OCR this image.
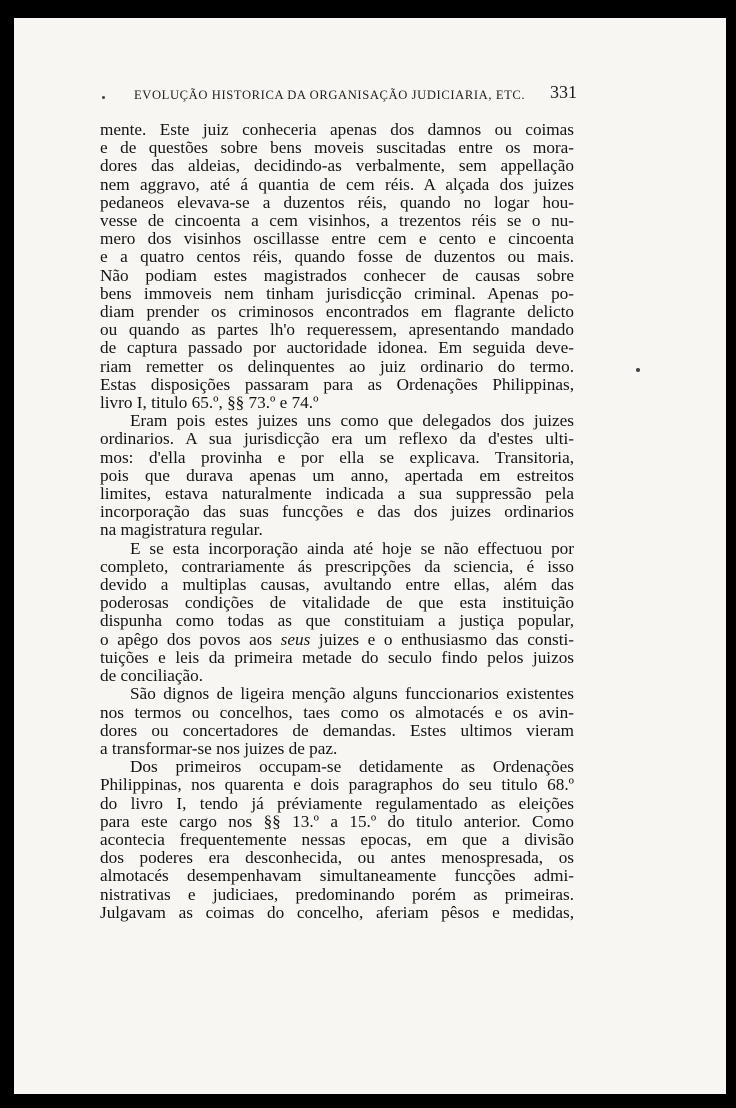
EVOLUÇÃO HISTORICA DA ORGANISAÇÃO JUDICIARIA, ETC.	331

mente. Este juiz conheceria apenas dos damnos ou coimas
e de questões sobre bens moveis suscitadas entre os mora-
dores das aldeias, decidindo-as verbalmente, sem appellação
nem aggravo, até á quantia de cem réis. A alçada dos juizes
pedaneos elevava-se a duzentos réis, quando no logar hou-
vesse de cincoenta a cem visinhos, a trezentos réis se o nu-
mero dos visinhos oscillasse entre cem e cento e cincoenta
e a quatro centos réis, quando fosse de duzentos ou mais.
Não podiam estes magistrados conhecer de causas sobre
bens immoveis nem tinham jurisdicção criminal. Apenas po-
diam prender os criminosos encontrados em flagrante delicto
ou quando as partes lh'o requeressem, apresentando mandado
de captura passado por auctoridade idonea. Em seguida deve-
riam remetter os delinquentes ao juiz ordinario do termo.
Estas disposições passaram para as Ordenações Philippinas,
livro I, titulo 65.º, §§ 73.º e 74.º

Eram pois estes juizes uns como que delegados dos juizes
ordinarios. A sua jurisdicção era um reflexo da d'estes ulti-
mos: d'ella provinha e por ella se explicava. Transitoria,
pois que durava apenas um anno, apertada em estreitos
limites, estava naturalmente indicada a sua suppressão pela
incorporação das suas funcções e das dos juizes ordinarios
na magistratura regular.

E se esta incorporação ainda até hoje se não effectuou por
completo, contrariamente ás prescripções da sciencia, é isso
devido a multiplas causas, avultando entre ellas, além das
poderosas condições de vitalidade de que esta instituição
dispunha como todas as que constituiam a justiça popular,
o apêgo dos povos aos seus juizes e o enthusiasmo das consti-
tuições e leis da primeira metade do seculo findo pelos juizos
de conciliação.

São dignos de ligeira menção alguns funccionarios existentes
nos termos ou concelhos, taes como os almotacés e os avin-
dores ou concertadores de demandas. Estes ultimos vieram
a transformar-se nos juizes de paz.

Dos primeiros occupam-se detidamente as Ordenações
Philippinas, nos quarenta e dois paragraphos do seu titulo 68.º
do livro I, tendo já préviamente regulamentado as eleições
para este cargo nos §§ 13.º a 15.º do titulo anterior. Como
acontecia frequentemente nessas epocas, em que a divisão
dos poderes era desconhecida, ou antes menospresada, os
almotacés desempenhavam simultaneamente funcções admi-
nistrativas e judiciaes, predominando porém as primeiras.
Julgavam as coimas do concelho, aferiam pêsos e medidas,
